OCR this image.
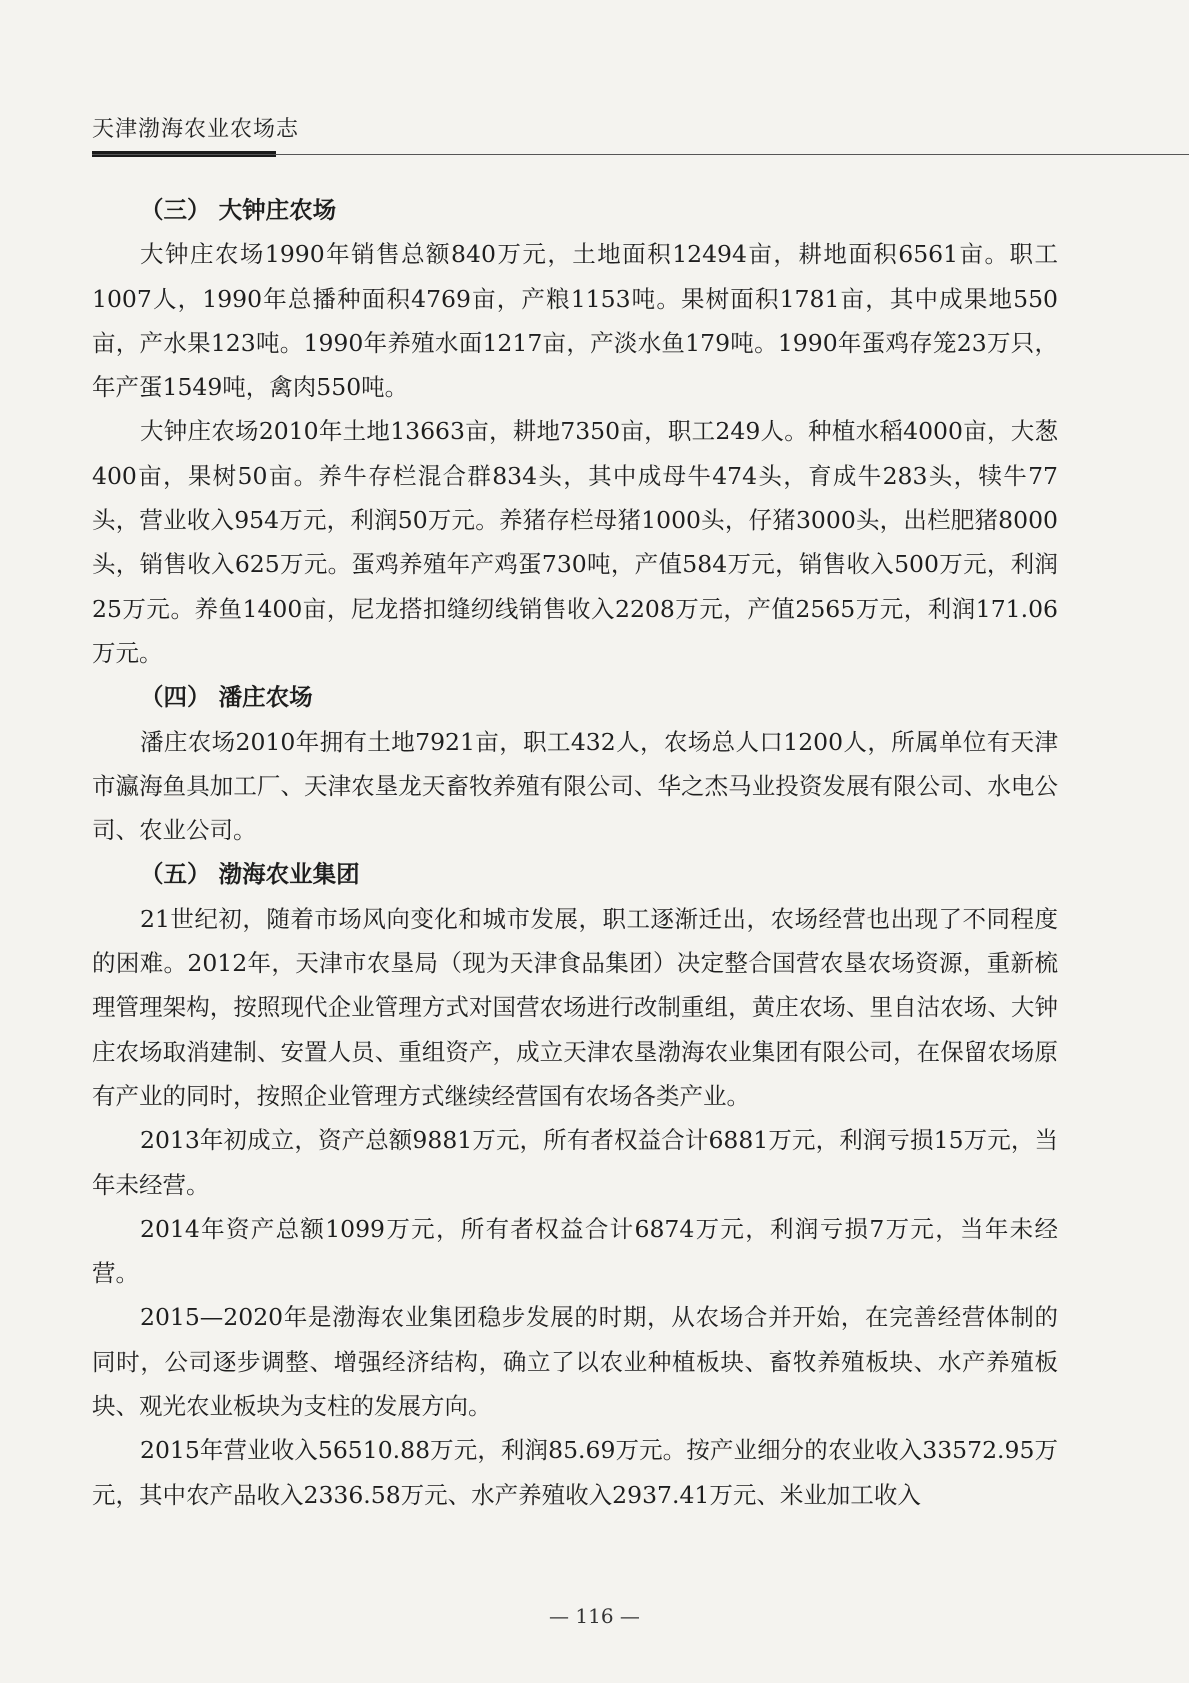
天津渤海农业农场志
（三） 大钟庄农场

大钟庄农场1990年销售总额840万元，土地面积12494亩，耕地面积6561亩。职工1007人，1990年总播种面积4769亩，产粮1153吨。果树面积1781亩，其中成果地550亩，产水果123吨。1990年养殖水面1217亩，产淡水鱼179吨。1990年蛋鸡存笼23万只，年产蛋1549吨，禽肉550吨。

大钟庄农场2010年土地13663亩，耕地7350亩，职工249人。种植水稻4000亩，大葱400亩，果树50亩。养牛存栏混合群834头，其中成母牛474头，育成牛283头，犊牛77头，营业收入954万元，利润50万元。养猪存栏母猪1000头，仔猪3000头，出栏肥猪8000头，销售收入625万元。蛋鸡养殖年产鸡蛋730吨，产值584万元，销售收入500万元，利润25万元。养鱼1400亩，尼龙搭扣缝纫线销售收入2208万元，产值2565万元，利润171.06万元。

（四） 潘庄农场

潘庄农场2010年拥有土地7921亩，职工432人，农场总人口1200人，所属单位有天津市瀛海鱼具加工厂、天津农垦龙天畜牧养殖有限公司、华之杰马业投资发展有限公司、水电公司、农业公司。

（五） 渤海农业集团

21世纪初，随着市场风向变化和城市发展，职工逐渐迁出，农场经营也出现了不同程度的困难。2012年，天津市农垦局（现为天津食品集团）决定整合国营农垦农场资源，重新梳理管理架构，按照现代企业管理方式对国营农场进行改制重组，黄庄农场、里自沽农场、大钟庄农场取消建制、安置人员、重组资产，成立天津农垦渤海农业集团有限公司，在保留农场原有产业的同时，按照企业管理方式继续经营国有农场各类产业。

2013年初成立，资产总额9881万元，所有者权益合计6881万元，利润亏损15万元，当年未经营。

2014年资产总额1099万元，所有者权益合计6874万元，利润亏损7万元，当年未经营。

2015—2020年是渤海农业集团稳步发展的时期，从农场合并开始，在完善经营体制的同时，公司逐步调整、增强经济结构，确立了以农业种植板块、畜牧养殖板块、水产养殖板块、观光农业板块为支柱的发展方向。

2015年营业收入56510.88万元，利润85.69万元。按产业细分的农业收入33572.95万元，其中农产品收入2336.58万元、水产养殖收入2937.41万元、米业加工收入

— 116 —
